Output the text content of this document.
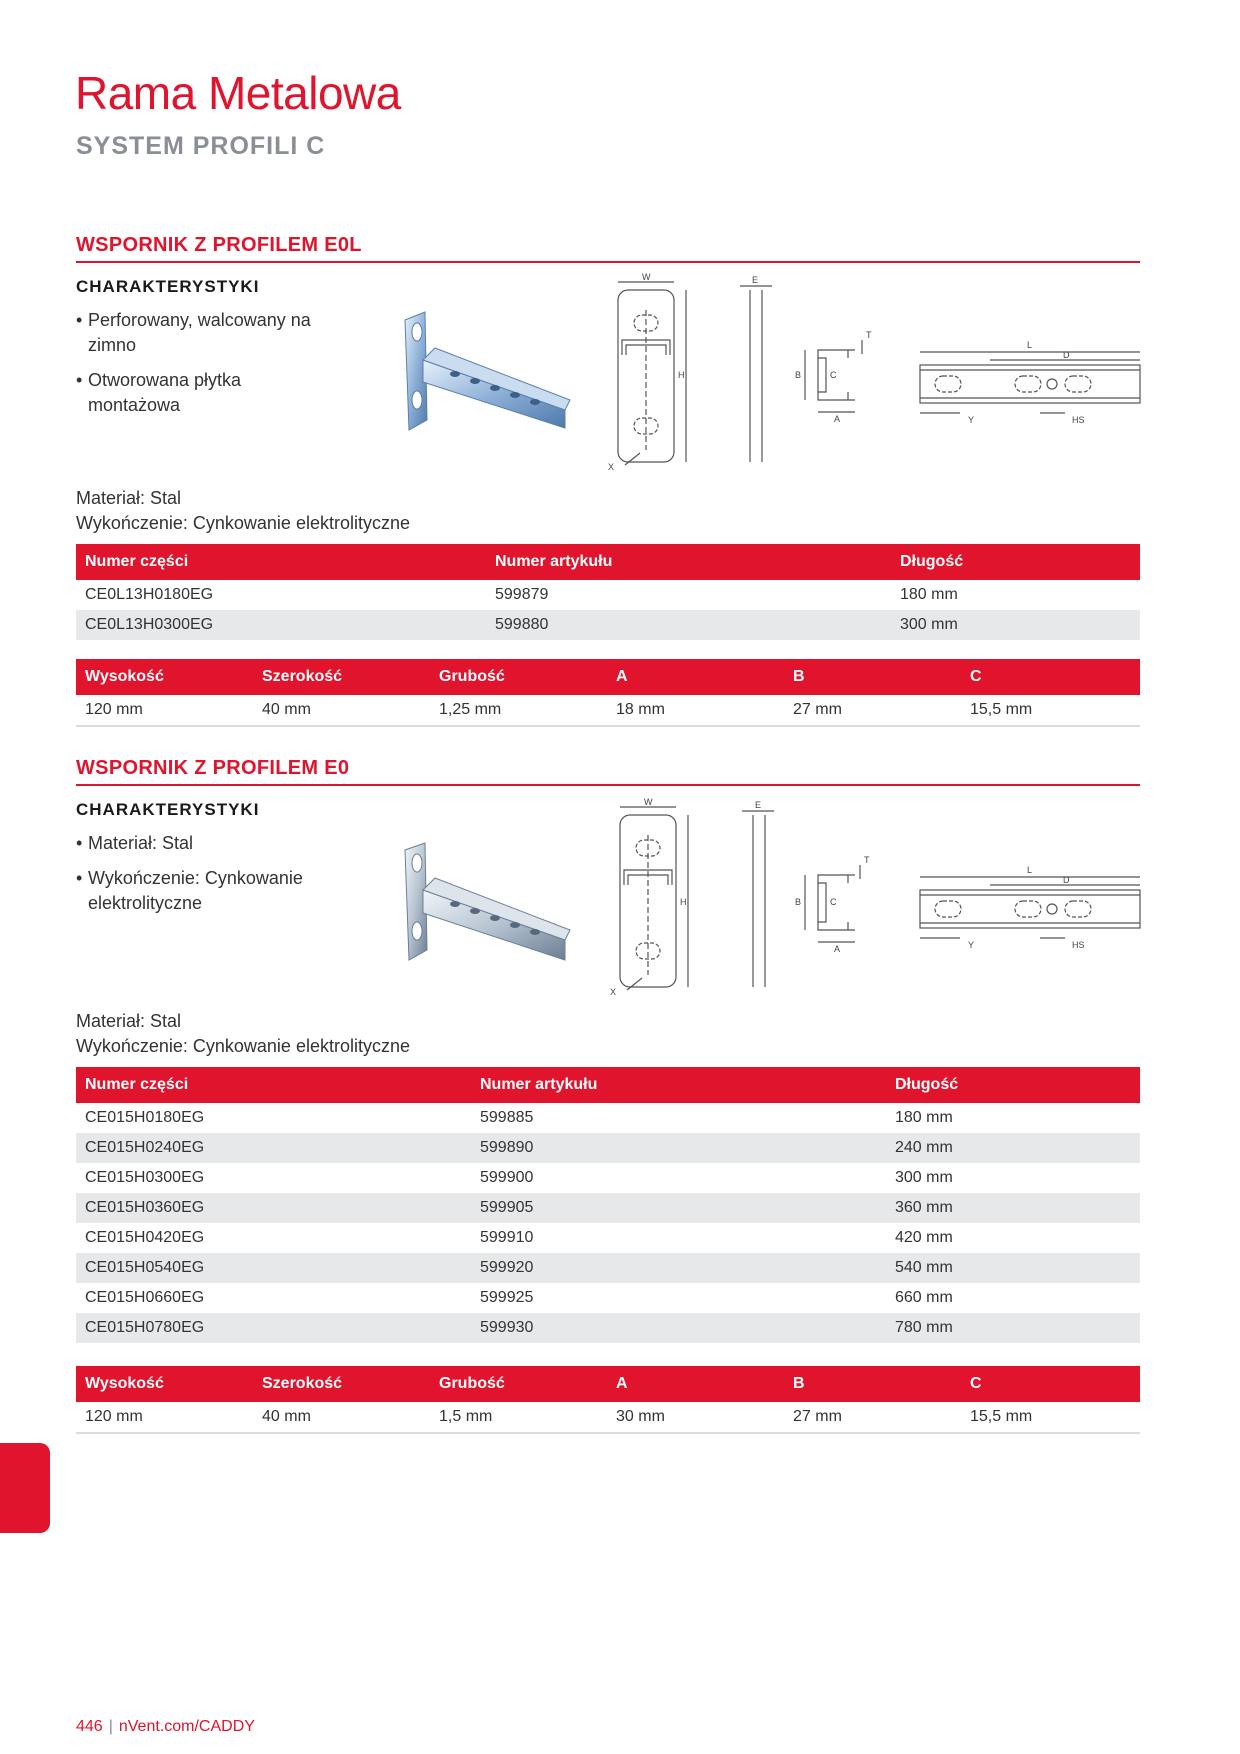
Rama Metalowa
SYSTEM PROFILI C
WSPORNIK Z PROFILEM E0L
CHARAKTERYSTYKI
• Perforowany, walcowany na zimno
• Otworowana płytka montażowa
W	E
H
X
T
A
B	C
L
D
Y	HS
Materiał: Stal
Wykończenie: Cynkowanie elektrolityczne
Numer części	Numer artykułu	Długość
CE0L13H0180EG	599879	180 mm
CE0L13H0300EG	599880	300 mm
Wysokość	Szerokość	Grubość	A	B	C
120 mm	40 mm	1,25 mm	18 mm	27 mm	15,5 mm
WSPORNIK Z PROFILEM E0
CHARAKTERYSTYKI
• Materiał: Stal
• Wykończenie: Cynkowanie elektrolityczne
W	E
H
X
T
A
B	C
L
D
Y	HS
Materiał: Stal
Wykończenie: Cynkowanie elektrolityczne
Numer części	Numer artykułu	Długość
CE015H0180EG	599885	180 mm
CE015H0240EG	599890	240 mm
CE015H0300EG	599900	300 mm
CE015H0360EG	599905	360 mm
CE015H0420EG	599910	420 mm
CE015H0540EG	599920	540 mm
CE015H0660EG	599925	660 mm
CE015H0780EG	599930	780 mm
Wysokość	Szerokość	Grubość	A	B	C
120 mm	40 mm	1,5 mm	30 mm	27 mm	15,5 mm
446 | nVent.com/CADDY
